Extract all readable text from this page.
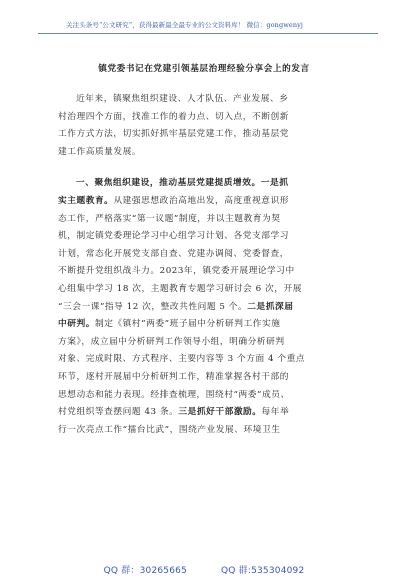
关注头条号“公文研究”，获得最新最全最专业的公文资料库！ 微信：gongwenyj
镇党委书记在党建引领基层治理经验分享会上的发言

近年来，镇聚焦组织建设、人才队伍、产业发展、乡
村治理四个方面，找准工作的着力点、切入点，不断创新
工作方式方法，切实抓好抓牢基层党建工作，推动基层党
建工作高质量发展。

一、聚焦组织建设，推动基层党建提质增效。一是抓
实主题教育。从建强思想政治高地出发，高度重视意识形
态工作，严格落实“第一议题”制度，并以主题教育为契
机，制定镇党委理论学习中心组学习计划、各党支部学习
计划，常态化开展党支部自查、党建办调阅、党委督查，
不断提升党组织战斗力。2023年，镇党委开展理论学习中
心组集中学习 18 次，主题教育专题学习研讨会 6 次，开展
“三会一课”指导 12 次，整改共性问题 5 个。二是抓深届
中研判。制定《镇村“两委”班子届中分析研判工作实施
方案》，成立届中分析研判工作领导小组，明确分析研判
对象、完成时限、方式程序、主要内容等 3 个方面 4 个重点
环节，逐村开展届中分析研判工作，精准掌握各村干部的
思想动态和能力表现。经排查梳理，围绕村“两委”成员、
村党组织等查摆问题 43 条。三是抓好干部激励。每年举
行一次亮点工作“擂台比武”，围绕产业发展、环境卫生

QQ 群：30265665	QQ 群:535304092
